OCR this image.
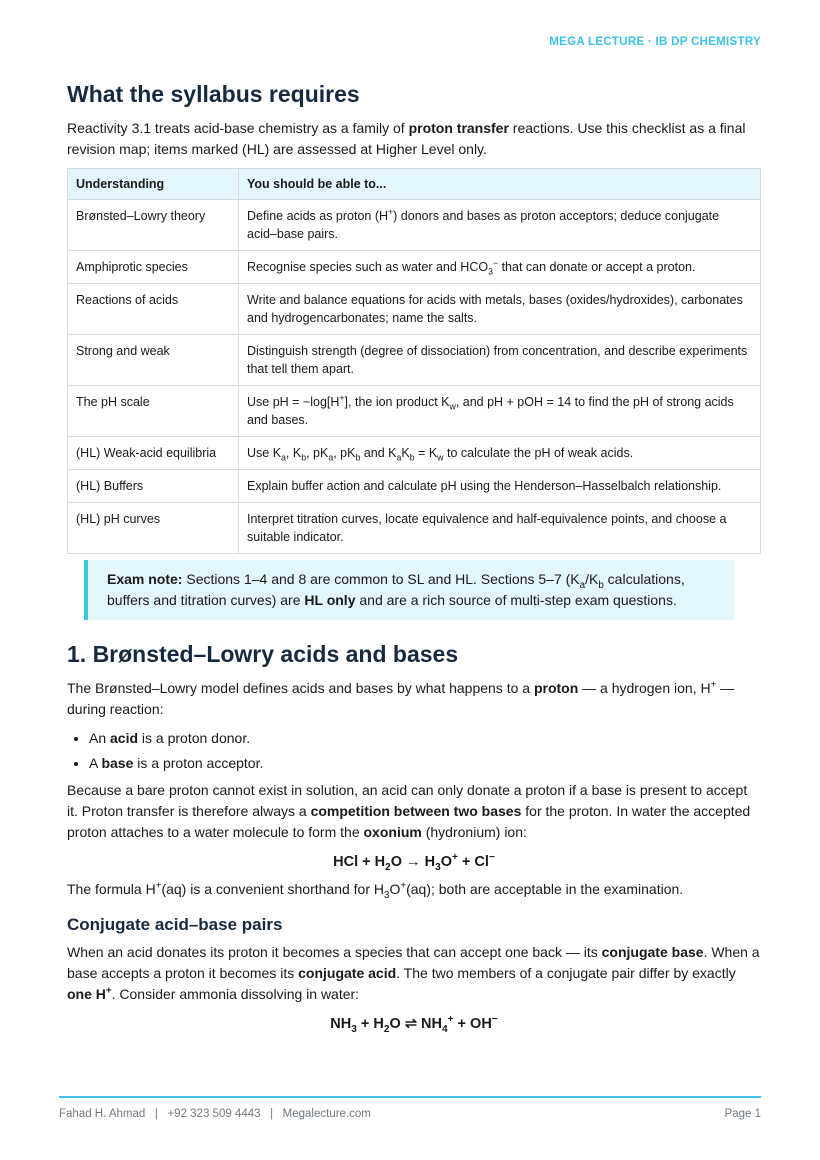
MEGA LECTURE · IB DP CHEMISTRY
What the syllabus requires

Reactivity 3.1 treats acid-base chemistry as a family of proton transfer reactions. Use this checklist as a final revision map; items marked (HL) are assessed at Higher Level only.

Understanding	You should be able to...
Brønsted–Lowry theory	Define acids as proton (H+) donors and bases as proton acceptors; deduce conjugate acid–base pairs.
Amphiprotic species	Recognise species such as water and $HCO_3^-$ that can donate or accept a proton.
Reactions of acids	Write and balance equations for acids with metals, bases (oxides/hydroxides), carbonates and hydrogencarbonates; name the salts.
Strong and weak	Distinguish strength (degree of dissociation) from concentration, and describe experiments that tell them apart.
The pH scale	Use pH = −log[H+], the ion product $K_w$, and pH + pOH = 14 to find the pH of strong acids and bases.
(HL) Weak-acid equilibria	Use $K_a$, $K_b$, $pK_a$, $pK_b$ and $K_aK_b = K_w$ to calculate the pH of weak acids.
(HL) Buffers	Explain buffer action and calculate pH using the Henderson–Hasselbalch relationship.
(HL) pH curves	Interpret titration curves, locate equivalence and half-equivalence points, and choose a suitable indicator.
Exam note: Sections 1–4 and 8 are common to SL and HL. Sections 5–7 ($K_a/K_b$ calculations, buffers and titration curves) are HL only and are a rich source of multi-step exam questions.
1. Brønsted–Lowry acids and bases

The Brønsted–Lowry model defines acids and bases by what happens to a proton — a hydrogen ion, H+ — during reaction:

• An acid is a proton donor.
• A base is a proton acceptor.

Because a bare proton cannot exist in solution, an acid can only donate a proton if a base is present to accept it. Proton transfer is therefore always a competition between two bases for the proton. In water the accepted proton attaches to a water molecule to form the oxonium (hydronium) ion:

HCl + $H_2O \to H_3O^+ + Cl^-$

The formula H+(aq) is a convenient shorthand for $H_3O^+(aq)$; both are acceptable in the examination.

Conjugate acid–base pairs

When an acid donates its proton it becomes a species that can accept one back — its conjugate base. When a base accepts a proton it becomes its conjugate acid. The two members of a conjugate pair differ by exactly one H+. Consider ammonia dissolving in water:

$NH_3 + H_2O$ ⇌ $NH_4^+ + OH^-$
Fahad H. Ahmad   |   +92 323 509 4443   |   Megalecture.com	Page 1
